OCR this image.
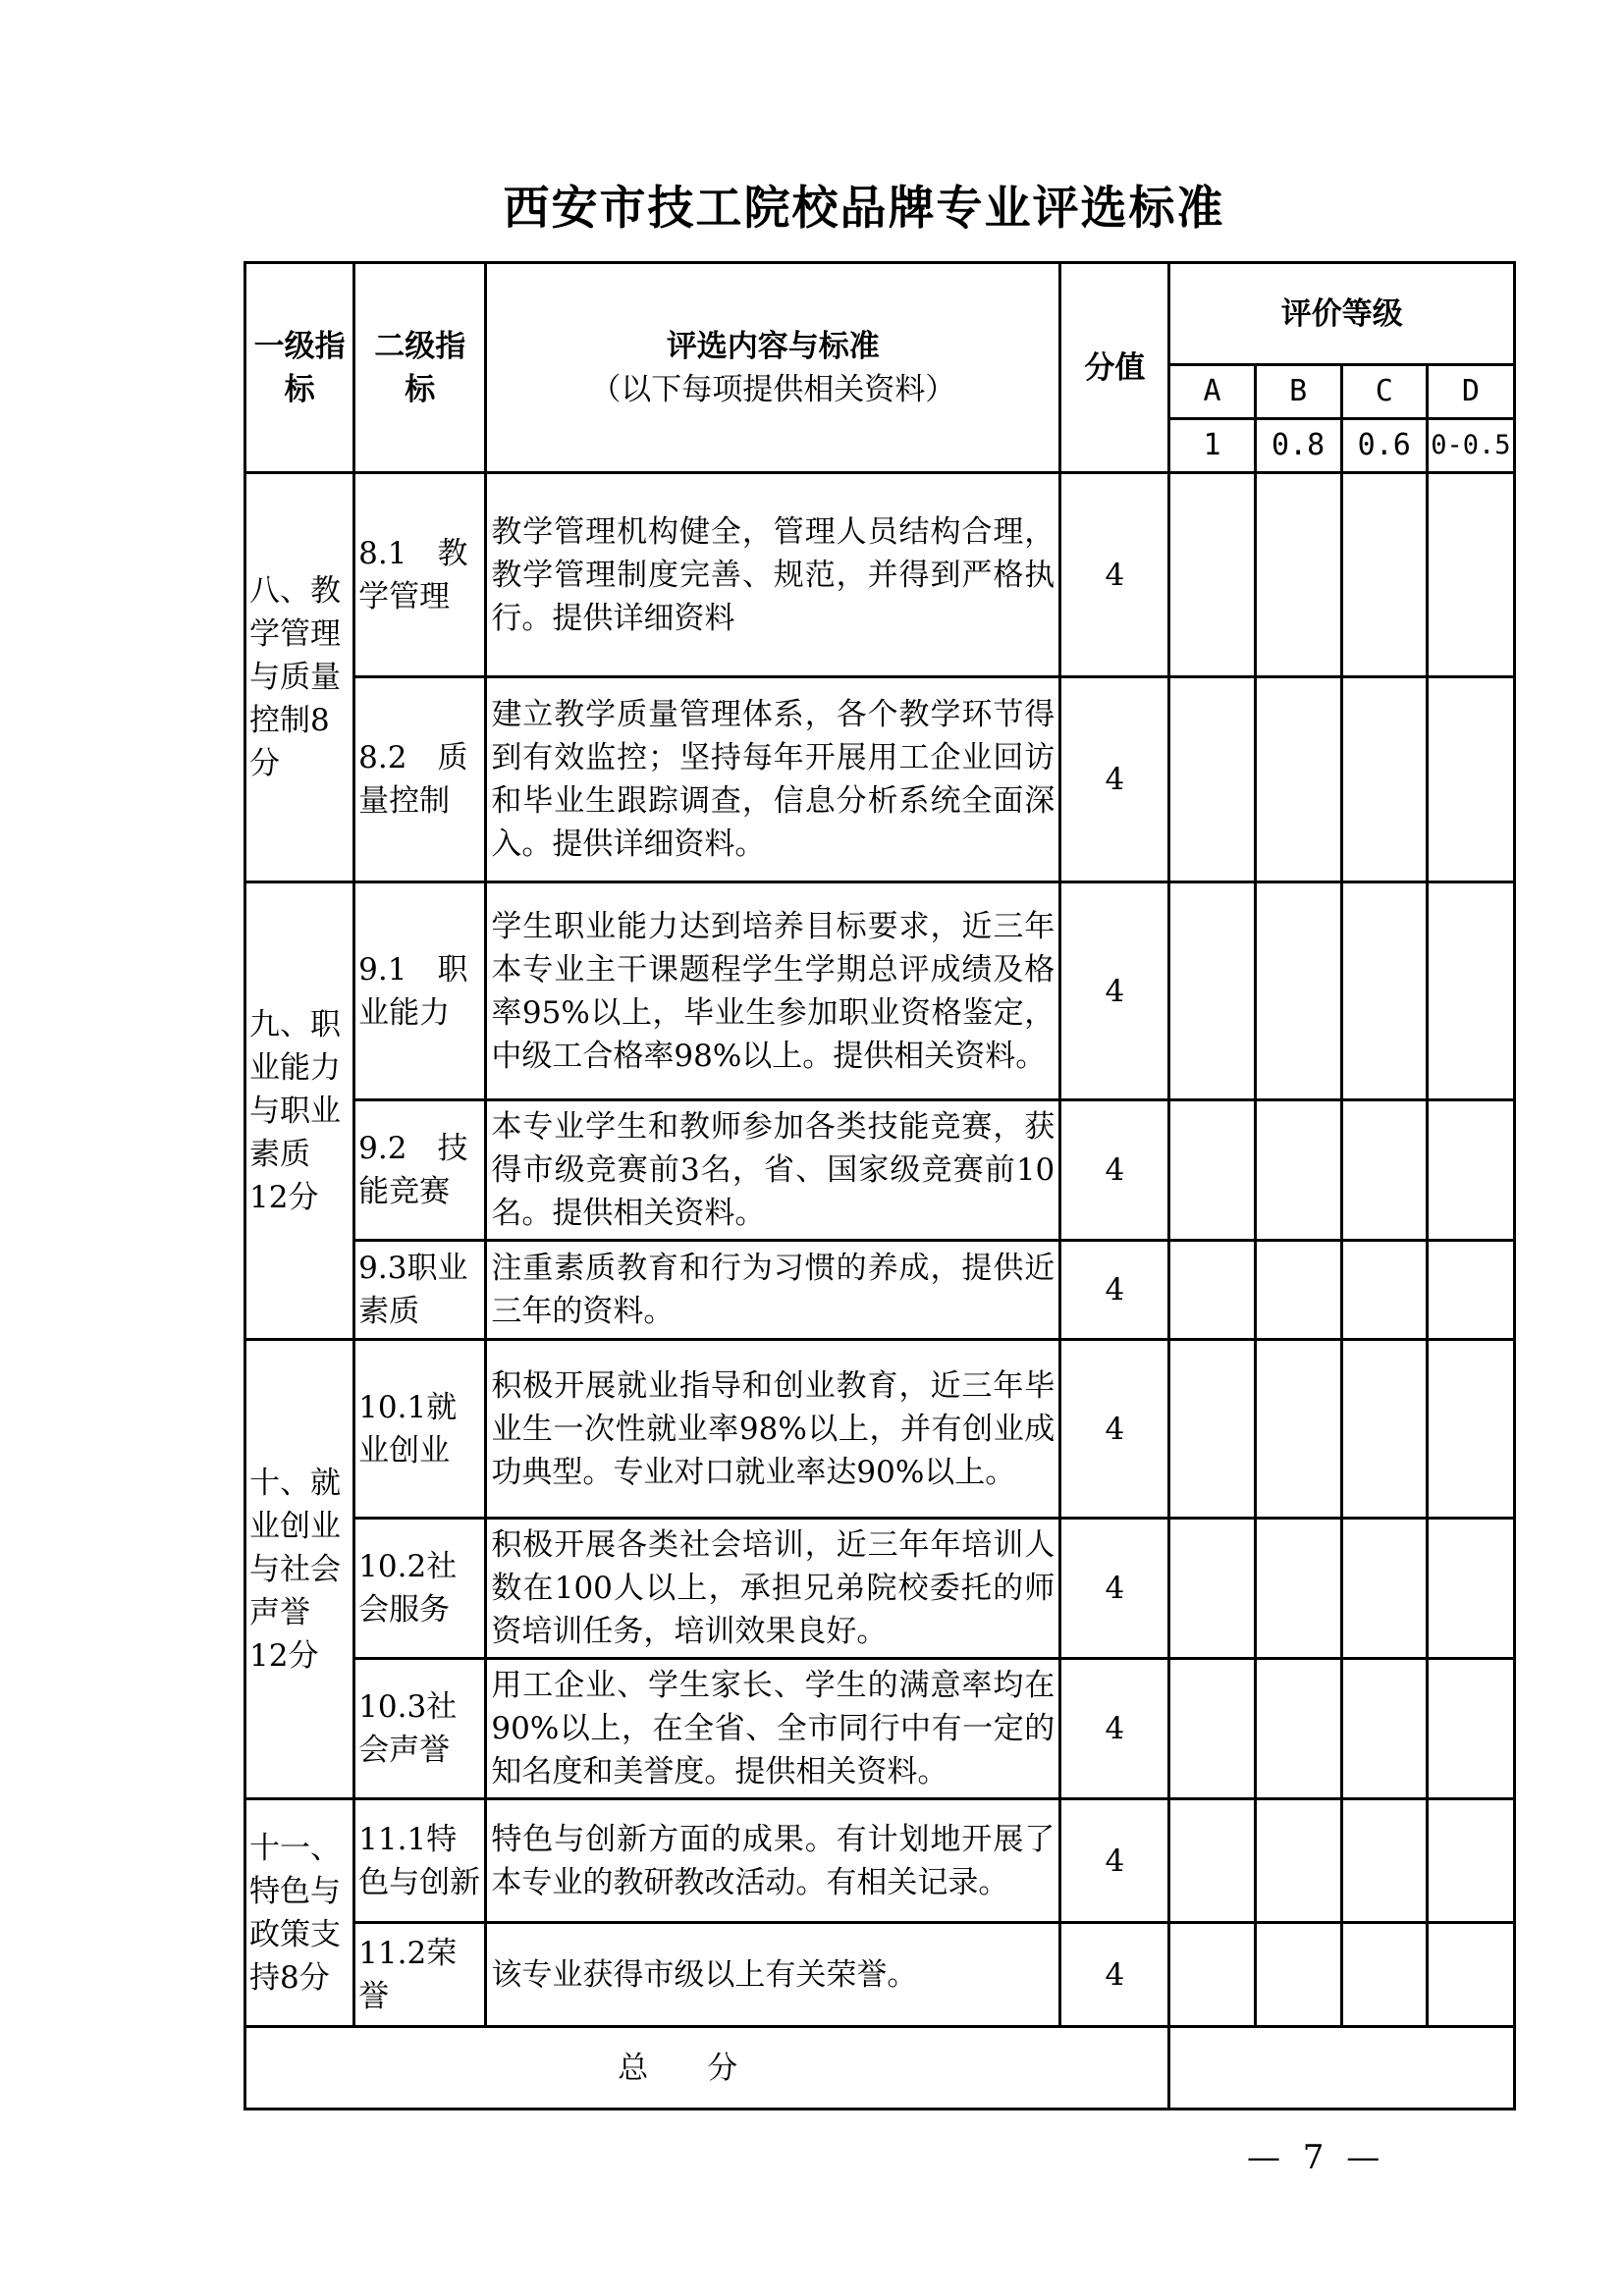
西安市技工院校品牌专业评选标准
一级指标	二级指标	评选内容与标准
（以下每项提供相关资料）	分值	评价等级			
				A	B	C	D
				1	0.8	0.6	0-0.5
八、教学管理与质量控制8分	8.1　教学管理	教学管理机构健全，管理人员结构合理，教学管理制度完善、规范，并得到严格执行。提供详细资料	4				
	8.2　质量控制	建立教学质量管理体系，各个教学环节得到有效监控；坚持每年开展用工企业回访和毕业生跟踪调查，信息分析系统全面深入。提供详细资料。	4				
九、职业能力与职业素质12分	9.1　职业能力	学生职业能力达到培养目标要求，近三年本专业主干课题程学生学期总评成绩及格率95%以上，毕业生参加职业资格鉴定，中级工合格率98%以上。提供相关资料。	4				
	9.2　技能竞赛	本专业学生和教师参加各类技能竞赛，获得市级竞赛前3名，省、国家级竞赛前10名。提供相关资料。	4				
	9.3职业素质	注重素质教育和行为习惯的养成，提供近三年的资料。	4				
十、就业创业与社会声誉12分	10.1就业创业	积极开展就业指导和创业教育，近三年毕业生一次性就业率98%以上，并有创业成功典型。专业对口就业率达90%以上。	4				
	10.2社会服务	积极开展各类社会培训，近三年年培训人数在100人以上，承担兄弟院校委托的师资培训任务，培训效果良好。	4				
	10.3社会声誉	用工企业、学生家长、学生的满意率均在90%以上，在全省、全市同行中有一定的知名度和美誉度。提供相关资料。	4				
十一、特色与政策支持8分	11.1特色与创新	特色与创新方面的成果。有计划地开展了本专业的教研教改活动。有相关记录。	4				
	11.2荣誉	该专业获得市级以上有关荣誉。	4				
总分							
— 7 —
